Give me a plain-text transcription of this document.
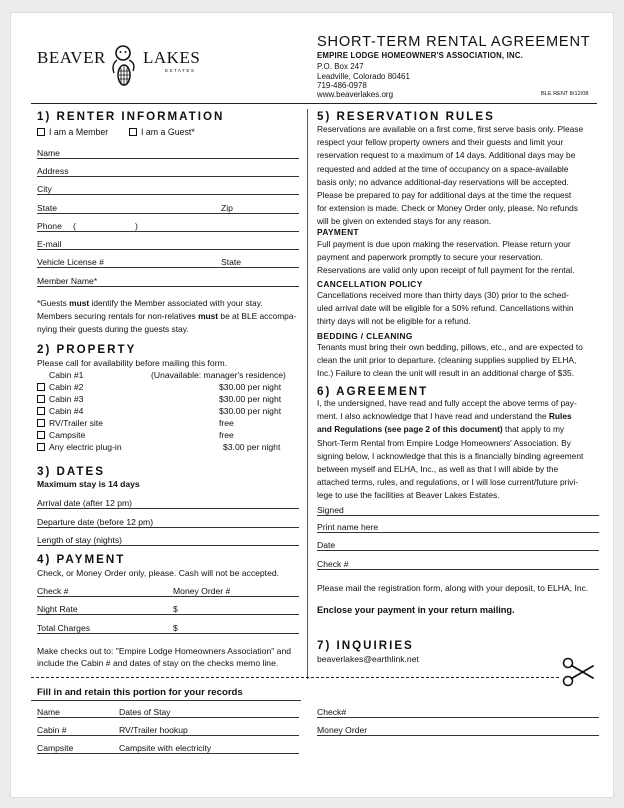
BEAVER LAKES
ESTATES
SHORT-TERM RENTAL AGREEMENT
EMPIRE LODGE HOMEOWNER'S ASSOCIATION, INC.
P.O. Box 247
Leadville, Colorado 80461
719-486-0978
www.beaverlakes.org	BLE RENT 8/12/08
1) RENTER INFORMATION
I am a Member	I am a Guest*
Name
Address
City
State	Zip
Phone (	)
E-mail
Vehicle License #	State
Member Name*
*Guests must identify the Member associated with your stay.
Members securing rentals for non-relatives must be at BLE accompa-
nying their guests during the guests stay.
2) PROPERTY
Please call for availability before mailing this form.
Cabin #1	(Unavailable: manager's residence)
Cabin #2	$30.00 per night
Cabin #3	$30.00 per night
Cabin #4	$30.00 per night
RV/Trailer site	free
Campsite	free
Any electric plug-in	$3.00 per night
3) DATES
Maximum stay is 14 days
Arrival date (after 12 pm)
Departure date (before 12 pm)
Length of stay (nights)
4) PAYMENT
Check, or Money Order only, please. Cash will not be accepted.
Check #	Money Order #
Night Rate	$
Total Charges	$
Make checks out to: "Empire Lodge Homeowners Association" and
include the Cabin # and dates of stay on the checks memo line.
5) RESERVATION RULES
Reservations are available on a first come, first serve basis only. Please
respect your fellow property owners and their guests and limit your
reservation request to a maximum of 14 days. Additional days may be
requested and added at the time of occupancy on a space-available
basis only; no advance additional-day reservations will be accepted.
Please be prepared to pay for additional days at the time the request
for extension is made. Check or Money Order only, please. No refunds
will be given on extended stays for any reason.
PAYMENT
Full payment is due upon making the reservation. Please return your
payment and paperwork promptly to secure your reservation.
Reservations are valid only upon receipt of full payment for the rental.
CANCELLATION POLICY
Cancellations received more than thirty days (30) prior to the sched-
uled arrival date will be eligible for a 50% refund. Cancellations within
thirty days will not be eligible for a refund.
BEDDING / CLEANING
Tenants must bring their own bedding, pillows, etc., and are expected to
clean the unit prior to departure. (cleaning supplies supplied by ELHA,
Inc.) Failure to clean the unit will result in an additional charge of $35.
6) AGREEMENT
I, the undersigned, have read and fully accept the above terms of pay-
ment. I also acknowledge that I have read and understand the Rules
and Regulations (see page 2 of this document) that apply to my
Short-Term Rental from Empire Lodge Homeowners' Association. By
signing below, I acknowledge that this is a financially binding agreement
between myself and ELHA, Inc., as well as that I will abide by the
attached terms, rules, and regulations, or I will lose current/future privi-
lege to use the facilities at Beaver Lakes Estates.
Signed
Print name here
Date
Check #
Please mail the registration form, along with your deposit, to ELHA, Inc.
Enclose your payment in your return mailing.
7) INQUIRIES
beaverlakes@earthlink.net
Fill in and retain this portion for your records
Name	Dates of Stay
Cabin #	RV/Trailer hookup
Campsite	Campsite with electricity
Check#
Money Order
